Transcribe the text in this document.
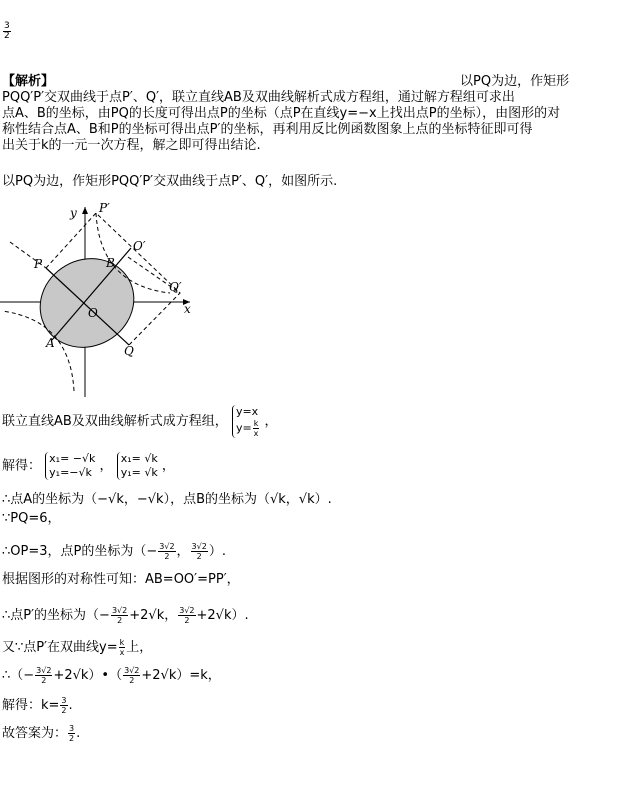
$\frac{3}{2}$
【解析】	以PQ为边，作矩形
PQQ′P′交双曲线于点P′、Q′，联立直线AB及双曲线解析式成方程组，通过解方程组可求出
点A、B的坐标，由PQ的长度可得出点P的坐标（点P在直线y=−x上找出点P的坐标），由图形的对
称性结合点A、B和P的坐标可得出点P′的坐标，再利用反比例函数图象上点的坐标特征即可得
出关于k的一元一次方程，解之即可得出结论.
以PQ为边，作矩形PQQ′P′交双曲线于点P′、Q′，如图所示.
y P′
O′
P	B
Q′
x
O
A
Q
联立直线AB及双曲线解析式成方程组， y=x
$y= \frac{k}{x}$ ，
解得： x₁= −√k
y₁=−√k ， x₁= √k
y₁= √k ，
∴点A的坐标为（−√k，−√k），点B的坐标为（√k，√k）.
∵PQ=6，
∴OP=3，点P的坐标为（− $\frac{3√2}{2}$ ， $\frac{3√2}{2}$ ）.
根据图形的对称性可知：AB=OO′=PP′，
∴点P′的坐标为（− $\frac{3√2}{2} +2√k$， $\frac{3√2}{2} +2√k$）.
又∵点P′在双曲线$y= \frac{k}{x}$ 上，
∴（− $\frac{3√2}{2}$ +2√k）•（ $\frac{3√2}{2} +2√k)=k$，
解得：$k= \frac{3}{2}$ .
故答案为： $\frac{3}{2}$ .
